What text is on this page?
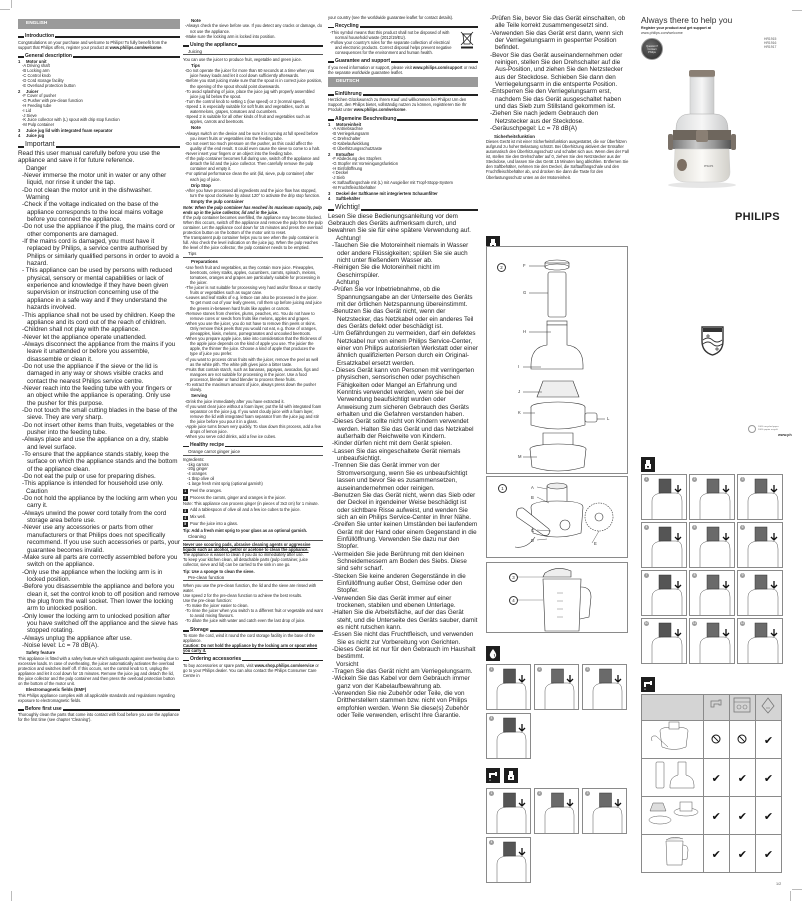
ENGLISH
Introduction
Congratulations on your purchase and welcome to Philips! To fully benefit from the support that Philips offers, register your product at www.philips.com/welcome.
General description
1 Motor unit
-A Driving shaft
-B Locking arm
-C Control knob
-D Cord storage facility
-E Overload protection button
2 Juicer
-F Cover of pusher
-G Pusher with pre-clean function
-H Feeding tube
-I Lid
-J Sieve
-K Juice collector with (L) spout with drip stop function
-M Pulp container
3 Juice jug lid with integrated foam separator
4 Juice jug
Important
Read this user manual carefully before you use the appliance and save it for future reference.
Danger
-Never immerse the motor unit in water or any other liquid, nor rinse it under the tap.
-Do not clean the motor unit in the dishwasher.
Warning
-Check if the voltage indicated on the base of the appliance corresponds to the local mains voltage before you connect the appliance.
-Do not use the appliance if the plug, the mains cord or other components are damaged.
-If the mains cord is damaged, you must have it replaced by Philips, a service centre authorised by Philips or similarly qualified persons in order to avoid a hazard.
- This appliance can be used by persons with reduced physical, sensory or mental capabilities or lack of experience and knowledge if they have been given supervision or instruction concerning use of the appliance in a safe way and if they understand the hazards involved.
-This appliance shall not be used by children. Keep the appliance and its cord out of the reach of children.
-Children shall not play with the appliance.
-Never let the appliance operate unattended.
-Always disconnect the appliance from the mains if you leave it unattended or before you assemble, disassemble or clean it.
-Do not use the appliance if the sieve or the lid is damaged in any way or shows visible cracks and contact the nearest Philips service centre.
-Never reach into the feeding tube with your fingers or an object while the appliance is operating. Only use the pusher for this purpose.
-Do not touch the small cutting blades in the base of the sieve. They are very sharp.
-Do not insert other items than fruits, vegetables or the pusher into the feeding tube.
-Always place and use the appliance on a dry, stable and level surface.
-To ensure that the appliance stands stably, keep the surface on which the appliance stands and the bottom of the appliance clean.
-Do not eat the pulp or use for preparing dishes.
-This appliance is intended for household use only.
Caution
-Do not hold the appliance by the locking arm when you carry it.
-Always unwind the power cord totally from the cord storage area before use.
-Never use any accessories or parts from other manufacturers or that Philips does not specifically recommend. If you use such accessories or parts, your guarantee becomes invalid.
-Make sure all parts are correctly assembled before you switch on the appliance.
-Only use the appliance when the locking arm is in locked position.
-Before you disassemble the appliance and before you clean it, set the control knob to off position and remove the plug from the wall socket. Then lower the locking arm to unlocked position.
-Only lower the locking arm to unlocked position after you have switched off the appliance and the sieve has stopped rotating.
-Always unplug the appliance after use.
-Noise level: Lc = 78 dB(A).
Safety feature
This appliance is fitted with a safety feature which safeguards against overheating due to excessive loads. In case of overheating, the juicer automatically activates the overload protection and switches itself off. If this occurs, set the control knob to 0, unplug the appliance and let it cool down for 15 minutes. Remove the juice jug and detach the lid, the juice collector and the pulp container and then press the overload protection button on the bottom of the motor unit.
Electromagnetic fields (EMF)
This Philips appliance complies with all applicable standards and regulations regarding exposure to electromagnetic fields.
Before first use
Thoroughly clean the parts that come into contact with food before you use the appliance for the first time (see chapter 'Cleaning').
Note
-Always check the sieve before use. If you detect any cracks or damage, do not use the appliance.
-Make sure the locking arm is locked into position.
Using the appliance
Juicing
You can use the juicer to produce fruit, vegetable and green juice.
Tips
-Do not operate the juicer for more than 60 seconds at a time when you juice heavy loads and let it cool down sufficiently afterwards.
-Before you start juicing make sure that the spout is in correct juice position, the opening of the spout should point downwards.
-To avoid splashing of juice, place the juice jug with properly assembled juice jug lid below the spout.
-Turn the control knob to setting 1 (low speed) or 2 (normal speed).
-Speed 1 is especially suitable for soft fruits and vegetables, such as watermelons, grapes, tomatoes and cucumbers.
-Speed 2 is suitable for all other kinds of fruit and vegetables such as apples, carrots and beetroots.
Note
-Always switch on the device and be sure it is running at full speed before you insert fruits or vegetables into the feeding tube.
-Do not exert too much pressure on the pusher, as this could affect the quality of the end result. It could even cause the sieve to come to a halt.
-Never insert your fingers or an object into the feeding tube.
-If the pulp container becomes full during use, switch off the appliance and detach the lid and the juice collector. Then carefully remove the pulp container and empty it.
-For optimal performance clean the unit (lid, sieve, pulp container) after each jug of juice.
Drip Stop
-After you have processed all ingredients and the juice flow has stopped, turn the spout clockwise by about 120° to activate the drip stop function.
Empty the pulp container
Note: When the pulp container has reached its maximum capacity, pulp ends up in the juice collector, lid and in the juice.
If the pulp container becomes overfilled, the appliance may become blocked. When this occurs, switch off the appliance and remove the pulp from the pulp container. Let the appliance cool down for 15 minutes and press the overload protection button on the bottom of the motor unit to reset.
The transparent pulp container helps you to see when the pulp container is full. Also check the level indication on the juice jug. When the pulp reaches the level of the juice collector, the pulp container needs to be emptied.
Tips
Preparations
-Use fresh fruit and vegetables, as they contain more juice. Pineapples, beetroots, celery stalks, apples, cucumbers, carrots, spinach, melons, tomatoes, oranges and grapes are particularly suitable for processing in the juicer.
-The juicer is not suitable for processing very hard and/or fibrous or starchy fruits or vegetables such as sugar cane.
-Leaves and leaf stalks of e.g. lettuce can also be processed in the juicer. To get most out of your leafy greens, roll them up before juicing and juice the greens in-between hard fruits like apples or carrots.
-Remove stones from cherries, plums, peaches, etc. You do not have to remove cores or seeds from fruits like melons, apples and grapes.
-When you use the juicer, you do not have to remove thin peels or skins. Only remove thick peels that you would not eat, e.g. those of oranges, pineapples, kiwis, melons, pomegranates and uncooked beetroots.
-When you prepare apple juice, take into consideration that the thickness of the apple juice depends on the kind of apple you use. The juicier the apple, the thinner the juice. Choose a kind of apple that produces the type of juice you prefer.
-If you want to process citrus fruits with the juicer, remove the peel as well as the white pith. The white pith gives juice a bitter taste.
-Fruits that contain starch, such as bananas, papayas, avocados, figs and mangoes are not suitable for processing in the juicer. Use a food processor, blender or hand blender to process these fruits.
-To extract the maximum amount of juice, always press down the pusher slowly.
Serving
-Drink the juice immediately after you have extracted it.
-If you want clear juice without a foam layer, put the lid with integrated foam separator on the juice jug. If you want cloudy juice with a foam layer, remove the lid with integrated foam separator from the juice jug and stir the juice before you pour it in a glass.
-Apple juice turns brown very quickly. To slow down this process, add a few drops of lemon juice.
-When you serve cold drinks, add a few ice cubes.
Healthy recipe
Orange carrot ginger juice
Ingredients:
-1kg carrots
-20g ginger
-4 oranges
-1 tbsp olive oil
-1 large fresh mint sprig (optional garnish)
1 Peel the oranges.
2 Process the carrots, ginger and oranges in the juicer.
Note: This appliance can process ginger (in pieces of 3x3 cm) for 1 minute.
3 Add a tablespoon of olive oil and a few ice cubes to the juice.
4 Mix well.
5 Pour the juice into a glass.
Tip: Add a fresh mint sprig to your glass as an optional garnish.
Cleaning
Never use scouring pads, abrasive cleaning agents or aggressive liquids such as alcohol, petrol or acetone to clean the appliance.
The appliance is easier to clean if you do so immediately after use.
To keep your kitchen clean, all detachable parts (pulp container, juice collector, sieve and lid) can be carried to the sink in one go.
Tip: Use a sponge to clean the sieve.
Pre-clean function
When you use the pre-clean function, the lid and the sieve are rinsed with water.
Use speed 2 for the pre-clean function to achieve the best results.
Use the pre-clean function:
-To make the juicer easier to clean.
-To rinse the juicer when you switch to a different fruit or vegetable and want to avoid mixing flavours.
-To dilute the juice with water and catch even the last drop of juice.
Storage
To store the cord, wind it round the cord storage facility in the base of the appliance.
Caution: Do not hold the appliance by the locking arm or spout when you carry it.
Ordering accessories
To buy accessories or spare parts, visit www.shop.philips.com/service or go to your Philips dealer. You can also contact the Philips Consumer Care Centre in
your country (see the worldwide guarantee leaflet for contact details).
Recycling
-This symbol means that this product shall not be disposed of with normal household waste (2012/19/EU).
-Follow your country's rules for the separate collection of electrical and electronic products. Correct disposal helps prevent negative consequences for the environment and human health.
Guarantee and support
If you need information or support, please visit www.philips.com/support or read the separate worldwide guarantee leaflet.
DEUTSCH
Einführung
Herzlichen Glückwunsch zu Ihrem Kauf und willkommen bei Philips! Um den Support, den Philips bietet, vollständig nutzen zu können, registrieren Sie Ihr Produkt unter www.philips.com/welcome.
Allgemeine Beschreibung
1 Motoreinheit
-A Antriebsachse
-B Verriegelungsarm
-C Drehschalter
-D Kabelaufwicklung
-E Überhitzungsschutztaste
2 Entsafter
-F Abdeckung des Stopfers
-G Stopfer mit Vorreinigungsfunktion
-H Einfüllöffnung
-I Deckel
-J Sieb
-K Saftauffangschale mit (L) mit Ausgießer mit Tropf-Stopp-System
-M Fruchtfleischbehälter
3 Deckel der Saftkanne mit integriertem Schaumfilter
4 Saftbehälter
Wichtig!
Lesen Sie diese Bedienungsanleitung vor dem Gebrauch des Geräts aufmerksam durch, und bewahren Sie sie für eine spätere Verwendung auf.
Achtung!
-Tauchen Sie die Motoreinheit niemals in Wasser oder andere Flüssigkeiten; spülen Sie sie auch nicht unter fließendem Wasser ab.
-Reinigen Sie die Motoreinheit nicht im Geschirrspüler.
Achtung
-Prüfen Sie vor Inbetriebnahme, ob die Spannungsangabe an der Unterseite des Geräts mit der örtlichen Netzspannung übereinstimmt.
-Benutzen Sie das Gerät nicht, wenn der Netzstecker, das Netzkabel oder ein anderes Teil des Geräts defekt oder beschädigt ist.
-Um Gefährdungen zu vermeiden, darf ein defektes Netzkabel nur von einem Philips Service-Center, einer von Philips autorisierten Werkstatt oder einer ähnlich qualifizierten Person durch ein Original-Ersatzkabel ersetzt werden.
- Dieses Gerät kann von Personen mit verringerten physischen, sensorischen oder psychischen Fähigkeiten oder Mangel an Erfahrung und Kenntnis verwendet werden, wenn sie bei der Verwendung beaufsichtigt wurden oder Anweisung zum sicheren Gebrauch des Geräts erhalten und die Gefahren verstanden haben.
-Dieses Gerät sollte nicht von Kindern verwendet werden. Halten Sie das Gerät und das Netzkabel außerhalb der Reichweite von Kindern.
-Kinder dürfen nicht mit dem Gerät spielen.
-Lassen Sie das eingeschaltete Gerät niemals unbeaufsichtigt.
-Trennen Sie das Gerät immer von der Stromversorgung, wenn Sie es unbeaufsichtigt lassen und bevor Sie es zusammensetzen, auseinandernehmen oder reinigen.
-Benutzen Sie das Gerät nicht, wenn das Sieb oder der Deckel in irgendeiner Weise beschädigt ist oder sichtbare Risse aufweist, und wenden Sie sich an ein Philips Service-Center in Ihrer Nähe.
-Greifen Sie unter keinen Umständen bei laufendem Gerät mit der Hand oder einem Gegenstand in die Einfüllöffnung. Verwenden Sie dazu nur den Stopfer.
-Vermeiden Sie jede Berührung mit den kleinen Schneidemessern am Boden des Siebs. Diese sind sehr scharf.
-Stecken Sie keine anderen Gegenstände in die Einfüllöffnung außer Obst, Gemüse oder den Stopfer.
-Verwenden Sie das Gerät immer auf einer trockenen, stabilen und ebenen Unterlage.
-Halten Sie die Arbeitsfläche, auf der das Gerät steht, und die Unterseite des Geräts sauber, damit es nicht rutschen kann.
-Essen Sie nicht das Fruchtfleisch, und verwenden Sie es nicht zur Vorbereitung von Gerichten.
-Dieses Gerät ist nur für den Gebrauch im Haushalt bestimmt.
Vorsicht
-Tragen Sie das Gerät nicht am Verriegelungsarm.
-Wickeln Sie das Kabel vor dem Gebrauch immer ganz von der Kabelaufbewahrung ab.
-Verwenden Sie nie Zubehör oder Teile, die von Drittherstellern stammen bzw. nicht von Philips empfohlen werden. Wenn Sie diese(s) Zubehör oder Teile verwenden, erlischt Ihre Garantie.
-Prüfen Sie, bevor Sie das Gerät einschalten, ob alle Teile korrekt zusammengesetzt sind.
-Verwenden Sie das Gerät erst dann, wenn sich der Verriegelungsarm in gesperrter Position befindet.
-Bevor Sie das Gerät auseinandernehmen oder reinigen, stellen Sie den Drehschalter auf die Aus-Position, und ziehen Sie den Netzstecker aus der Steckdose. Schieben Sie dann den Verriegelungsarm in die entsperrte Position.
-Entsperren Sie den Verriegelungsarm erst, nachdem Sie das Gerät ausgeschaltet haben und das Sieb zum Stillstand gekommen ist.
-Ziehen Sie nach jedem Gebrauch den Netzstecker aus der Steckdose.
-Geräuschpegel: Lc = 78 dB(A)
Sicherheitsfunktion
Dieses Gerät ist mit einer Sicherheitsfunktion ausgestattet, die vor Überhitzen aufgrund zu hoher Belastung schützt. Bei Überhitzung aktiviert der Entsafter automatisch den Überhitzungsschutz und schaltet sich aus. Wenn dies der Fall ist, stellen Sie den Drehschalter auf 0, ziehen Sie den Netzstecker aus der Steckdose, und lassen Sie das Gerät 15 Minuten lang abkühlen. Entfernen Sie den Saftbehälter, nehmen Sie den Deckel, die Saftauffangschale und den Fruchtfleischbehälter ab, und drücken Sie dann die Taste für den Überlastungsschutz unten an der Motoreinheit.
Always there to help you
Register your product and get support at
www.philips.com/welcome
Question?
Contact
Philips
HR1915
HR1916
HR1917
PHILIPS
PHILIPS
100% recycled paper
100% papier recyclé
www.ph
1/2
2	F
G
H
I
J
K
L
M
1	A
B
C
D
E
3
4
1	2	3
4
1	2	3
4
1	2	3
4	5	6
7	8	9
10	11	12

			✔
	✔	✔	✔
	✔	✔	✔
	✔	✔	✔
